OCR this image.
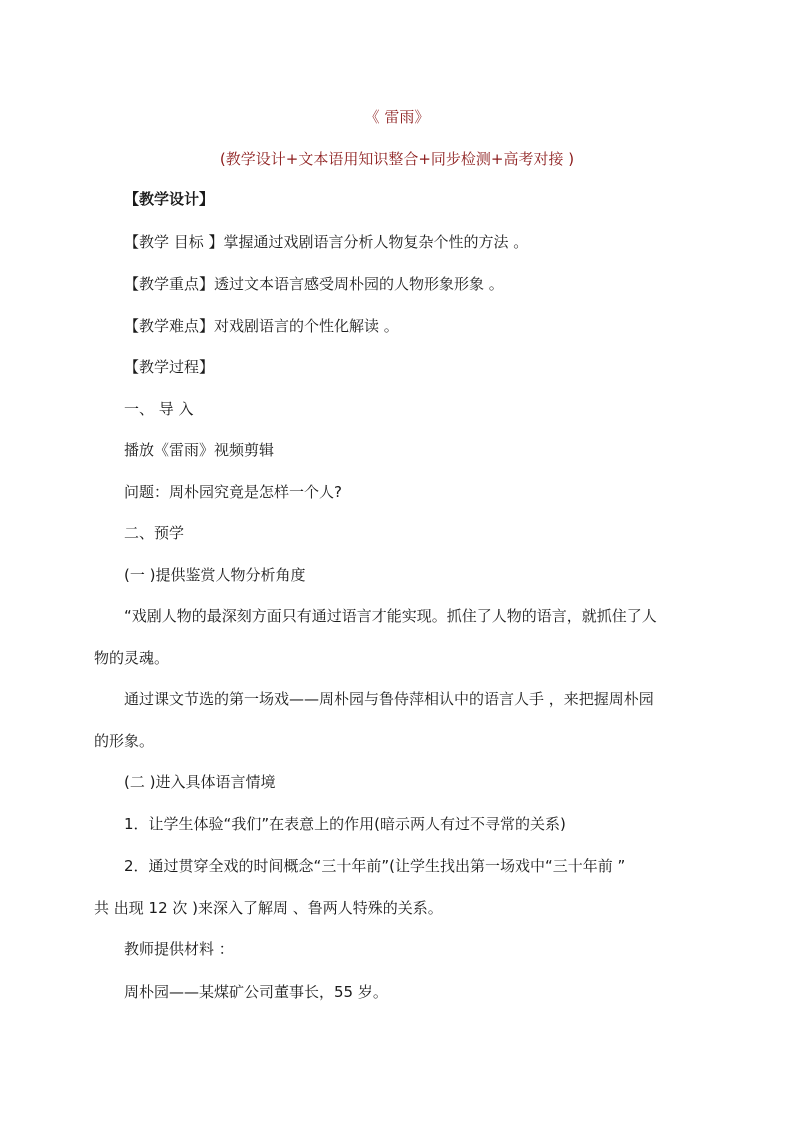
《 雷雨》
(教学设计+文本语用知识整合+同步检测+高考对接 )
【教学设计】
【教学 目标 】掌握通过戏剧语言分析人物复杂个性的方法 。
【教学重点】透过文本语言感受周朴园的人物形象形象 。
【教学难点】对戏剧语言的个性化解读 。
【教学过程】
一、 导 入
播放《雷雨》视频剪辑
问题：周朴园究竟是怎样一个人?
二、预学
(一 )提供鉴赏人物分析角度
“戏剧人物的最深刻方面只有通过语言才能实现。抓住了人物的语言，就抓住了人
物的灵魂。
通过课文节选的第一场戏——周朴园与鲁侍萍相认中的语言人手 ，来把握周朴园
的形象。
(二 )进入具体语言情境
1．让学生体验“我们”在表意上的作用(暗示两人有过不寻常的关系)
2．通过贯穿全戏的时间概念“三十年前”(让学生找出第一场戏中“三十年前 ”
共 出现 12 次 )来深入了解周 、鲁两人特殊的关系。
教师提供材料 ：
周朴园——某煤矿公司董事长，55 岁。
